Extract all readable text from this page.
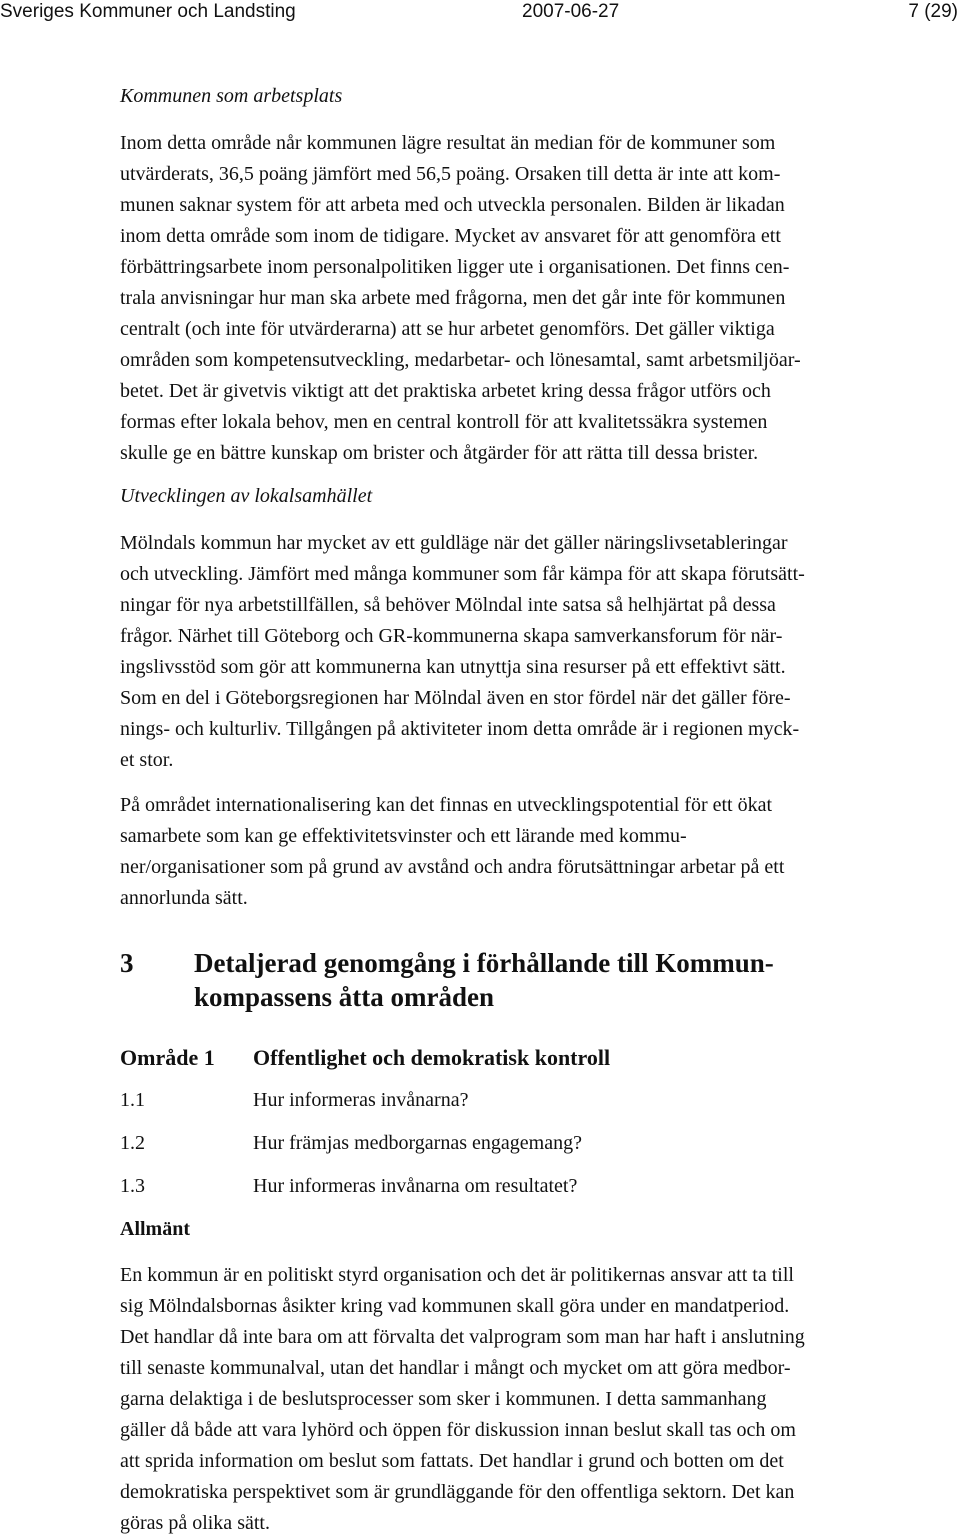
Sveriges Kommuner och Landsting	2007-06-27	7 (29)
Kommunen som arbetsplats
Inom detta område når kommunen lägre resultat än median för de kommuner som
utvärderats, 36,5 poäng jämfört med 56,5 poäng. Orsaken till detta är inte att kom-
munen saknar system för att arbeta med och utveckla personalen. Bilden är likadan
inom detta område som inom de tidigare. Mycket av ansvaret för att genomföra ett
förbättringsarbete inom personalpolitiken ligger ute i organisationen. Det finns cen-
trala anvisningar hur man ska arbete med frågorna, men det går inte för kommunen
centralt (och inte för utvärderarna) att se hur arbetet genomförs. Det gäller viktiga
områden som kompetensutveckling, medarbetar- och lönesamtal, samt arbetsmiljöar-
betet. Det är givetvis viktigt att det praktiska arbetet kring dessa frågor utförs och
formas efter lokala behov, men en central kontroll för att kvalitetssäkra systemen
skulle ge en bättre kunskap om brister och åtgärder för att rätta till dessa brister.
Utvecklingen av lokalsamhället
Mölndals kommun har mycket av ett guldläge när det gäller näringslivsetableringar
och utveckling. Jämfört med många kommuner som får kämpa för att skapa förutsätt-
ningar för nya arbetstillfällen, så behöver Mölndal inte satsa så helhjärtat på dessa
frågor. Närhet till Göteborg och GR-kommunerna skapa samverkansforum för när-
ingslivsstöd som gör att kommunerna kan utnyttja sina resurser på ett effektivt sätt.
Som en del i Göteborgsregionen har Mölndal även en stor fördel när det gäller före-
nings- och kulturliv. Tillgången på aktiviteter inom detta område är i regionen myck-
et stor.
På området internationalisering kan det finnas en utvecklingspotential för ett ökat
samarbete som kan ge effektivitetsvinster och ett lärande med kommu-
ner/organisationer som på grund av avstånd och andra förutsättningar arbetar på ett
annorlunda sätt.
3 Detaljerad genomgång i förhållande till Kommun-
kompassens åtta områden
Område 1 Offentlighet och demokratisk kontroll
1.1	Hur informeras invånarna?
1.2	Hur främjas medborgarnas engagemang?
1.3	Hur informeras invånarna om resultatet?
Allmänt
En kommun är en politiskt styrd organisation och det är politikernas ansvar att ta till
sig Mölndalsbornas åsikter kring vad kommunen skall göra under en mandatperiod.
Det handlar då inte bara om att förvalta det valprogram som man har haft i anslutning
till senaste kommunalval, utan det handlar i mångt och mycket om att göra medbor-
garna delaktiga i de beslutsprocesser som sker i kommunen. I detta sammanhang
gäller då både att vara lyhörd och öppen för diskussion innan beslut skall tas och om
att sprida information om beslut som fattats. Det handlar i grund och botten om det
demokratiska perspektivet som är grundläggande för den offentliga sektorn. Det kan
göras på olika sätt.
